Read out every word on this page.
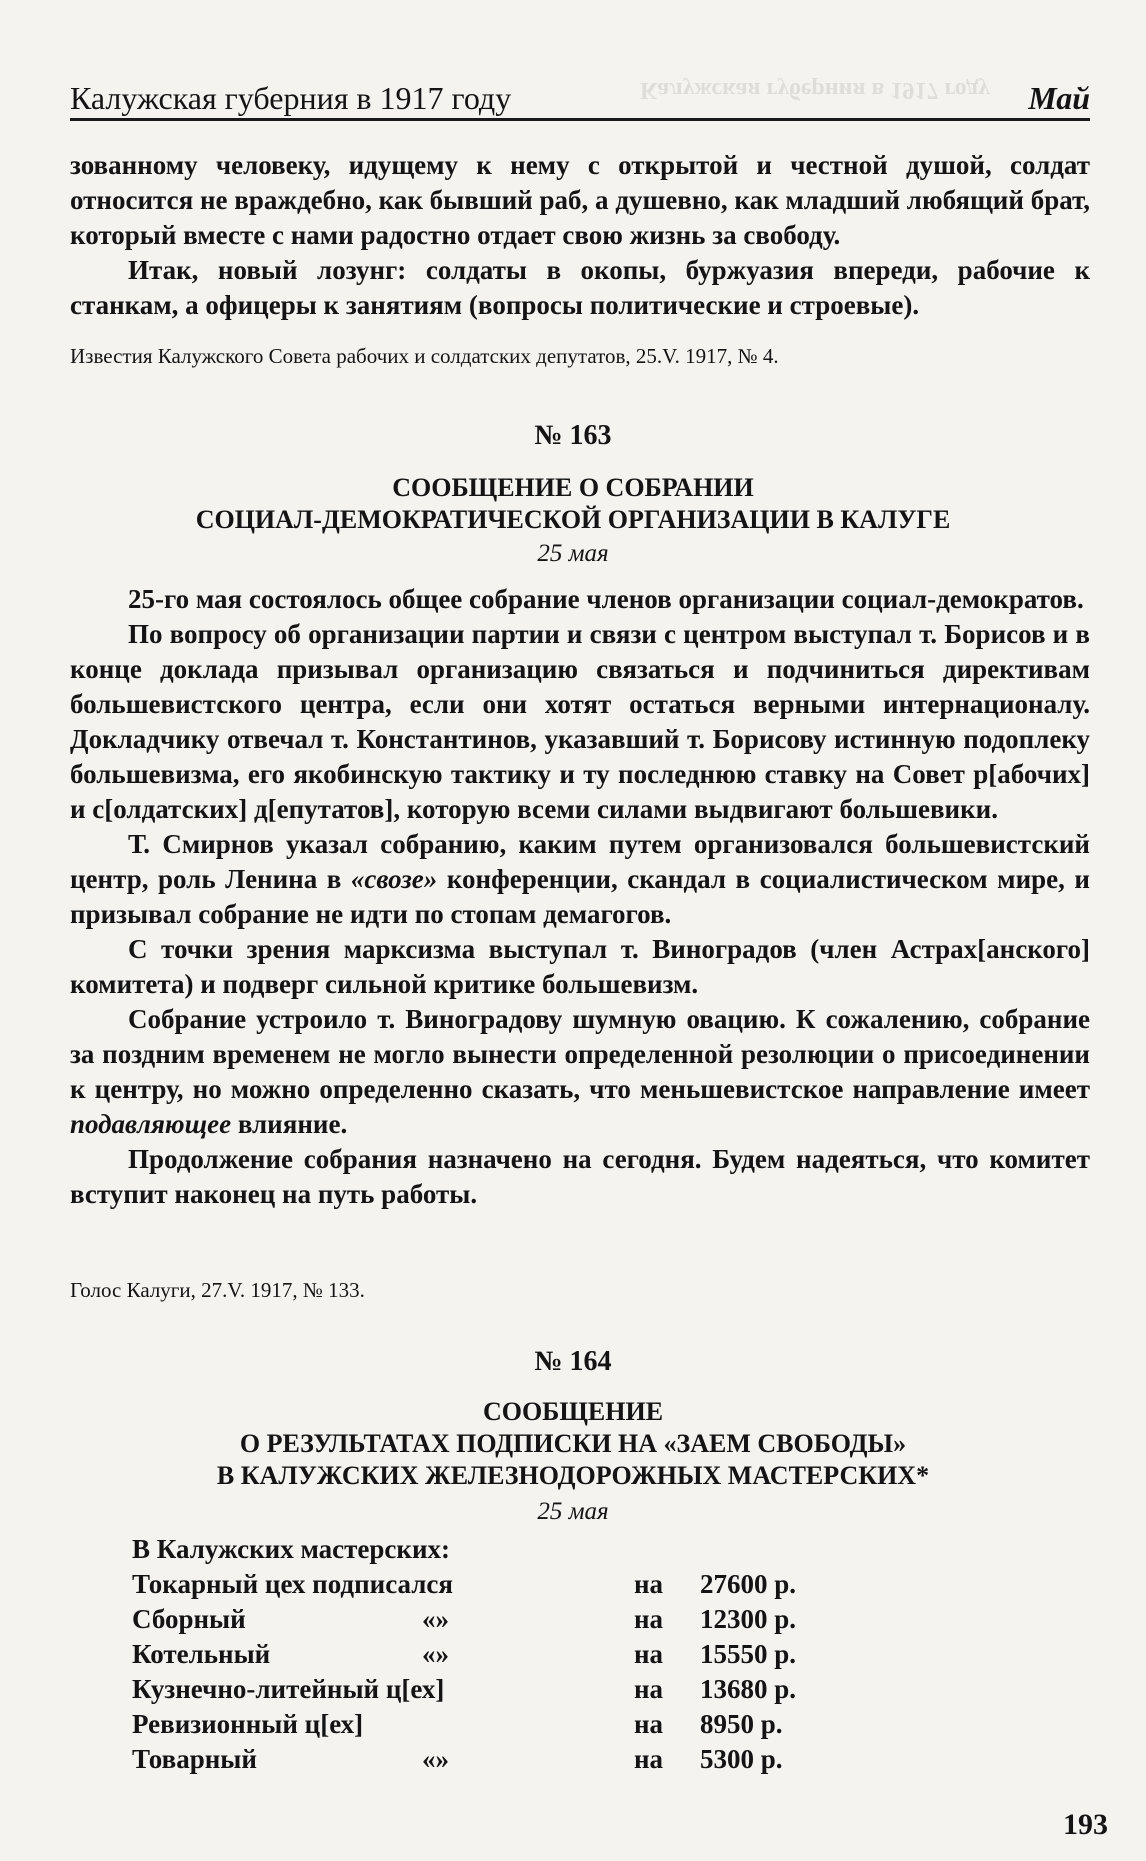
Калужская губерния в 1917 году
Калужская губерния в 1917 году	Май

зованному человеку, идущему к нему с открытой и честной душой, солдат относится не враждебно, как бывший раб, а душевно, как младший любящий брат, который вместе с нами радостно отдает свою жизнь за свободу.

Итак, новый лозунг: солдаты в окопы, буржуазия впереди, рабочие к станкам, а офицеры к занятиям (вопросы политические и строевые).

Известия Калужского Совета рабочих и солдатских депутатов, 25.V. 1917, № 4.
№ 163
СООБЩЕНИЕ О СОБРАНИИ
СОЦИАЛ-ДЕМОКРАТИЧЕСКОЙ ОРГАНИЗАЦИИ В КАЛУГЕ
25 мая

25-го мая состоялось общее собрание членов организации социал-демократов.

По вопросу об организации партии и связи с центром выступал т. Борисов и в конце доклада призывал организацию связаться и подчиниться директивам большевистского центра, если они хотят остаться верными интернационалу. Докладчику отвечал т. Константинов, указавший т. Борисову истинную подоплеку большевизма, его якобинскую тактику и ту последнюю ставку на Совет р[абочих] и с[олдатских] д[епутатов], которую всеми силами выдвигают большевики.

Т. Смирнов указал собранию, каким путем организовался большевистский центр, роль Ленина в «свозе» конференции, скандал в социалистическом мире, и призывал собрание не идти по стопам демагогов.

С точки зрения марксизма выступал т. Виноградов (член Астрах[анского] комитета) и подверг сильной критике большевизм.

Собрание устроило т. Виноградову шумную овацию. К сожалению, собрание за поздним временем не могло вынести определенной резолюции о присоединении к центру, но можно определенно сказать, что меньшевистское направление имеет подавляющее влияние.

Продолжение собрания назначено на сегодня. Будем надеяться, что комитет вступит наконец на путь работы.

Голос Калуги, 27.V. 1917, № 133.
№ 164
СООБЩЕНИЕ
О РЕЗУЛЬТАТАХ ПОДПИСКИ НА «ЗАЕМ СВОБОДЫ»
В КАЛУЖСКИХ ЖЕЛЕЗНОДОРОЖНЫХ МАСТЕРСКИХ*
25 мая
В Калужских мастерских:
Токарный цех подписался	на 27600 р.
Сборный	«»	на 12300 р.
Котельный	«»	на 15550 р.
Кузнечно-литейный ц[ех]	на 13680 р.
Ревизионный ц[ех]	на 8950 р.
Товарный	«»	на 5300 р.
193
